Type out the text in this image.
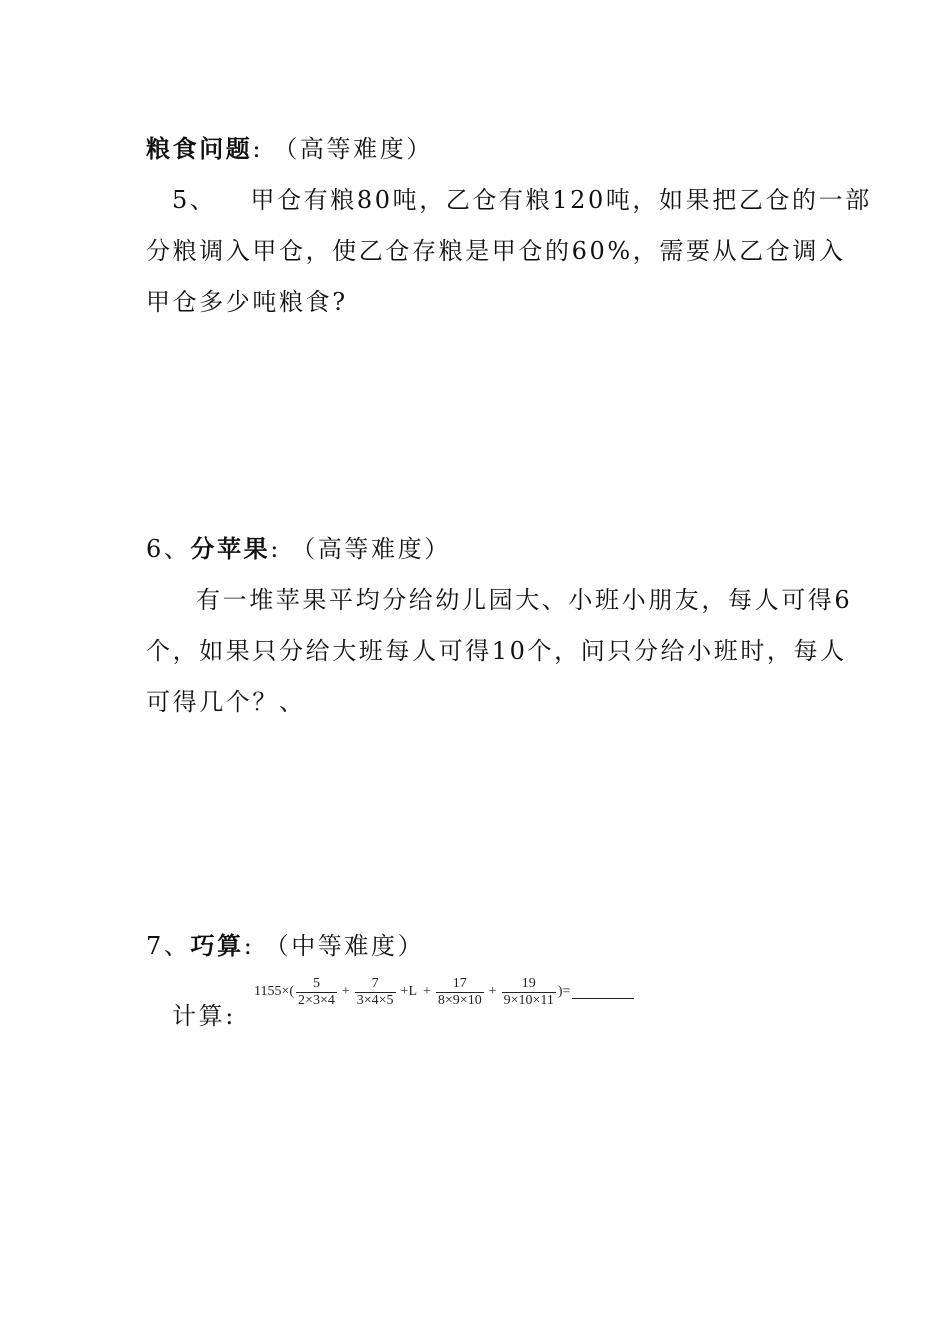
粮食问题: （高等难度）
5、 甲仓有粮80吨，乙仓有粮120吨，如果把乙仓的一部
分粮调入甲仓，使乙仓存粮是甲仓的60%，需要从乙仓调入
甲仓多少吨粮食?
6、分苹果: （高等难度）
有一堆苹果平均分给幼儿园大、小班小朋友，每人可得6
个，如果只分给大班每人可得10个，问只分给小班时，每人
可得几个？、
7、巧算: （中等难度）
计算:
$1155\times( \frac{5}{2\times 3\times 4} + \frac{7}{3\times 4\times 5} +L + \frac{17}{8\times 9\times 10} + \frac{19}{9\times 10\times 11}$ )=
